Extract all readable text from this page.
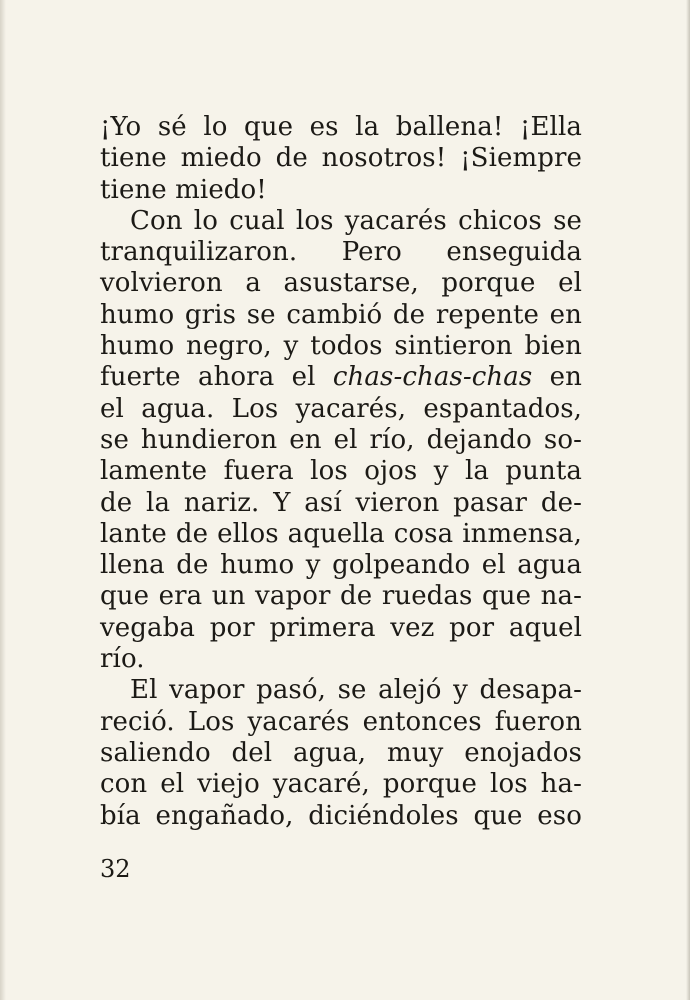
¡Yo sé lo que es la ballena! ¡Ella
tiene miedo de nosotros! ¡Siempre
tiene miedo!
Con lo cual los yacarés chicos se
tranquilizaron. Pero enseguida
volvieron a asustarse, porque el
humo gris se cambió de repente en
humo negro, y todos sintieron bien
fuerte ahora el chas-chas-chas en
el agua. Los yacarés, espantados,
se hundieron en el río, dejando so-
lamente fuera los ojos y la punta
de la nariz. Y así vieron pasar de-
lante de ellos aquella cosa inmensa,
llena de humo y golpeando el agua
que era un vapor de ruedas que na-
vegaba por primera vez por aquel
río.
El vapor pasó, se alejó y desapa-
reció. Los yacarés entonces fueron
saliendo del agua, muy enojados
con el viejo yacaré, porque los ha-
bía engañado, diciéndoles que eso
32
